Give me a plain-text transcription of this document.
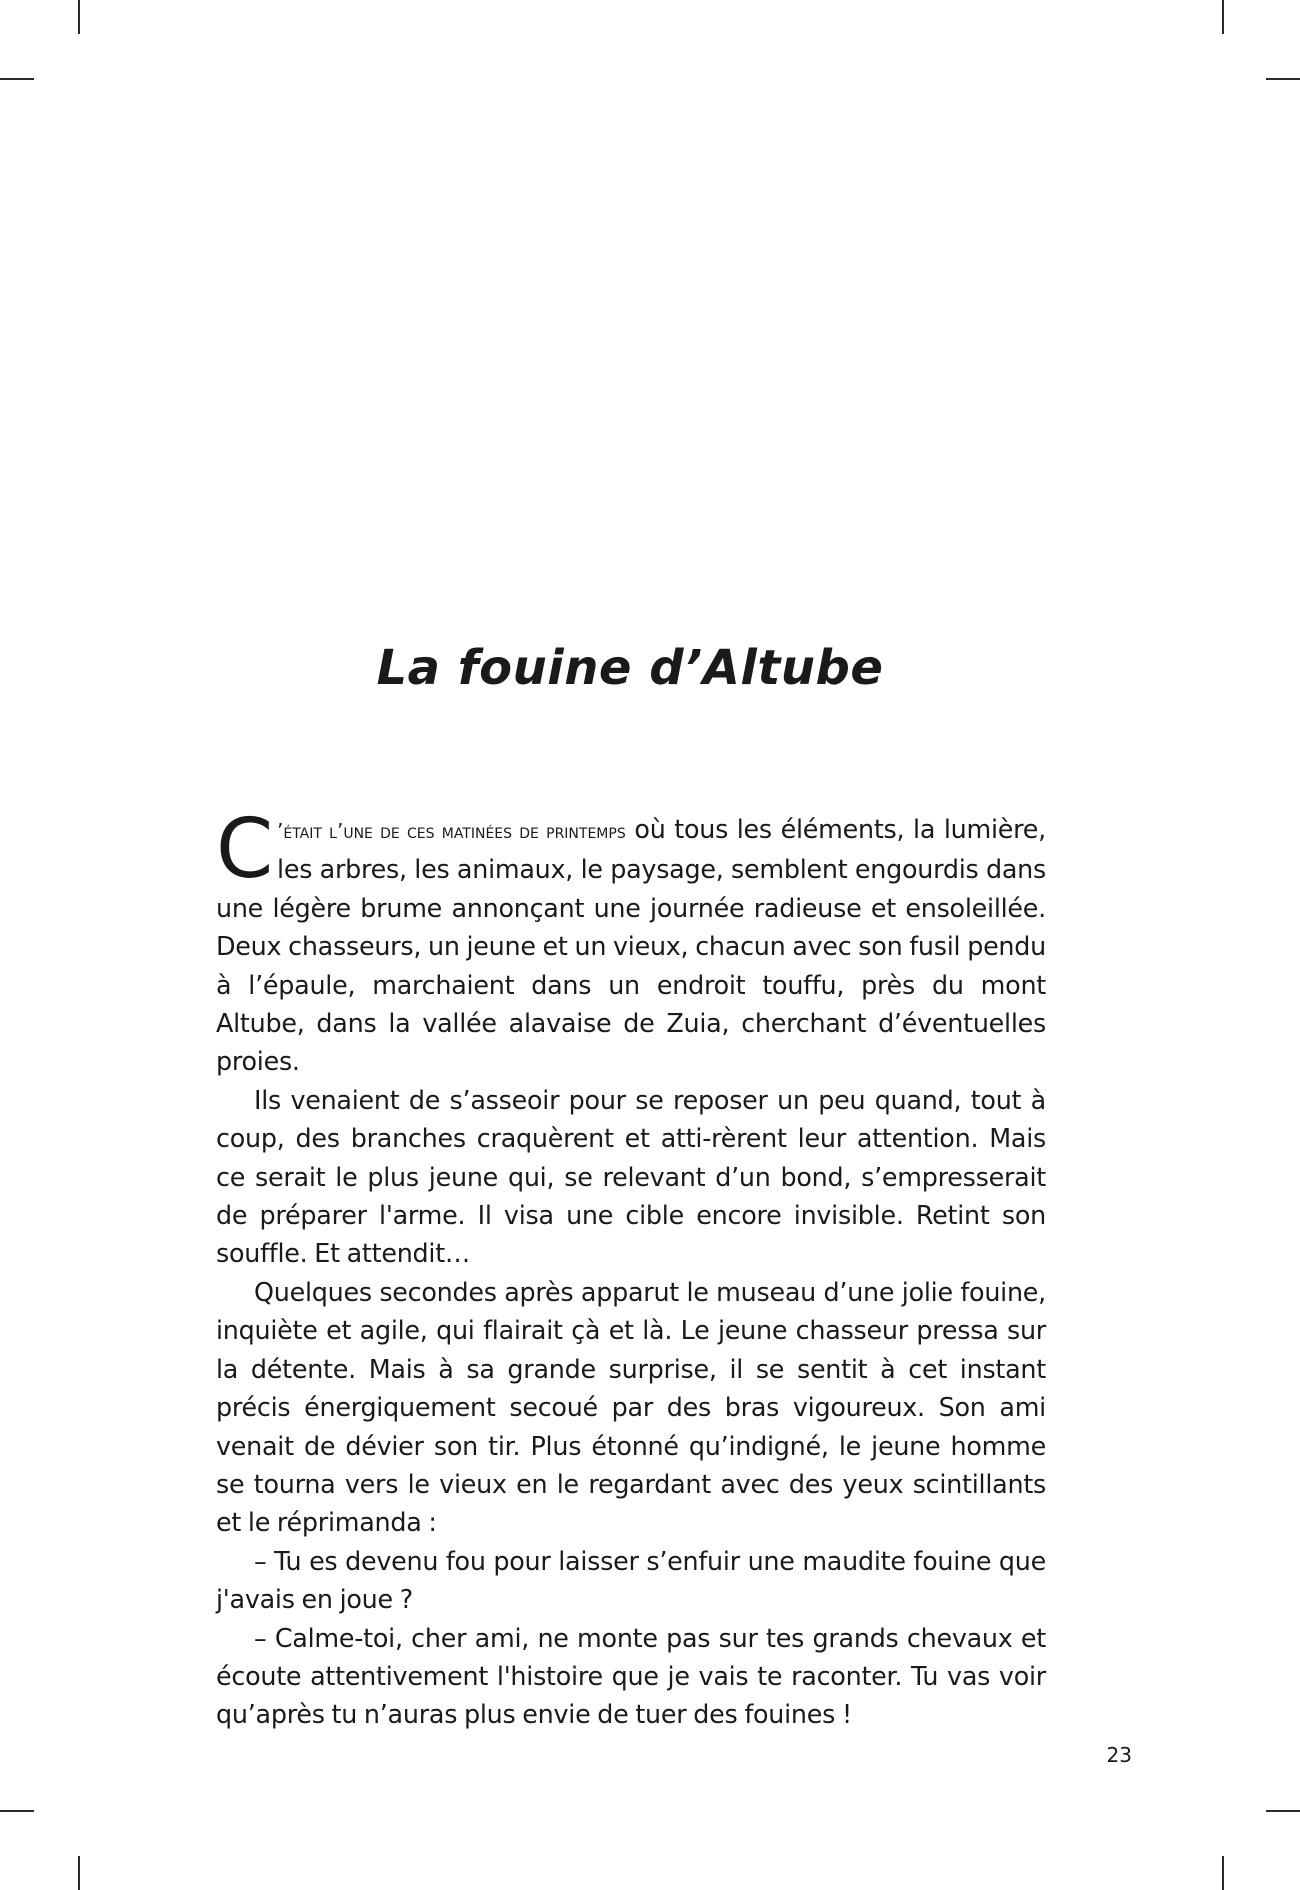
La fouine d’Altube

C ’était l’une de ces matinées de printemps où tous les éléments, la lumière, les arbres, les animaux, le paysage, semblent engourdis dans une légère brume annonçant une journée radieuse et ensoleillée. Deux chasseurs, un jeune et un vieux, chacun avec son fusil pendu à l’épaule, marchaient dans un endroit touffu, près du mont Altube, dans la vallée alavaise de Zuia, cherchant d’éventuelles proies.

Ils venaient de s’asseoir pour se reposer un peu quand, tout à coup, des branches craquèrent et atti-rèrent leur attention. Mais ce serait le plus jeune qui, se relevant d’un bond, s’empresserait de préparer l'arme. Il visa une cible encore invisible. Retint son souffle. Et attendit…

Quelques secondes après apparut le museau d’une jolie fouine, inquiète et agile, qui flairait çà et là. Le jeune chasseur pressa sur la détente. Mais à sa grande surprise, il se sentit à cet instant précis énergiquement secoué par des bras vigoureux. Son ami venait de dévier son tir. Plus étonné qu’indigné, le jeune homme se tourna vers le vieux en le regardant avec des yeux scintillants et le réprimanda :

– Tu es devenu fou pour laisser s’enfuir une maudite fouine que j'avais en joue ?

– Calme-toi, cher ami, ne monte pas sur tes grands chevaux et écoute attentivement l'histoire que je vais te raconter. Tu vas voir qu’après tu n’auras plus envie de tuer des fouines !

23
